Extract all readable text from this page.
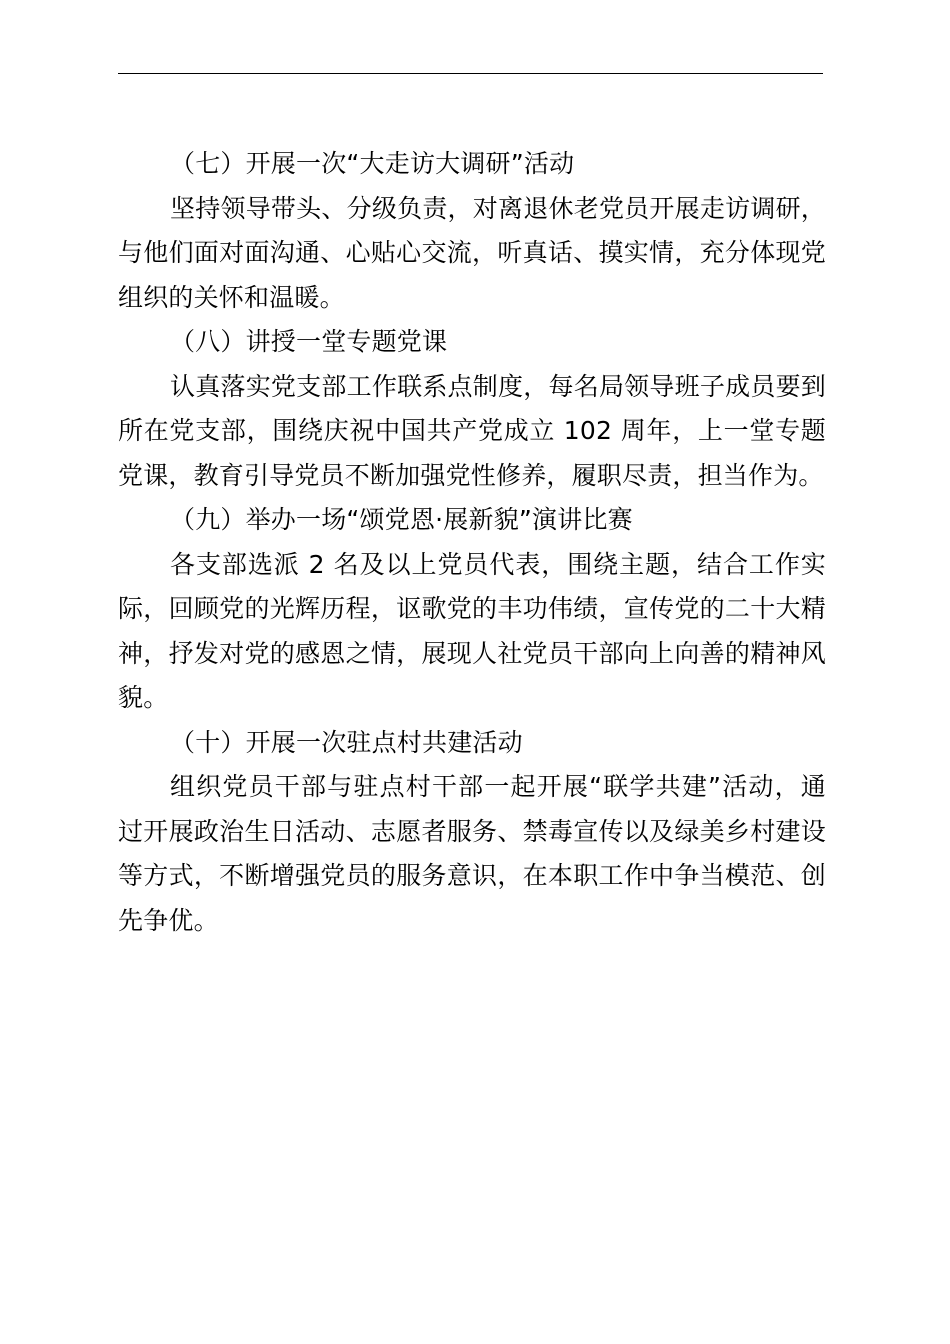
（七）开展一次“大走访大调研”活动

坚持领导带头、分级负责，对离退休老党员开展走访调研，与他们面对面沟通、心贴心交流，听真话、摸实情，充分体现党组织的关怀和温暖。

（八）讲授一堂专题党课

认真落实党支部工作联系点制度，每名局领导班子成员要到所在党支部，围绕庆祝中国共产党成立 102 周年，上一堂专题党课，教育引导党员不断加强党性修养，履职尽责，担当作为。

（九）举办一场“颂党恩·展新貌”演讲比赛

各支部选派 2 名及以上党员代表，围绕主题，结合工作实际，回顾党的光辉历程，讴歌党的丰功伟绩，宣传党的二十大精神，抒发对党的感恩之情，展现人社党员干部向上向善的精神风貌。

（十）开展一次驻点村共建活动

组织党员干部与驻点村干部一起开展“联学共建”活动，通过开展政治生日活动、志愿者服务、禁毒宣传以及绿美乡村建设等方式，不断增强党员的服务意识，在本职工作中争当模范、创先争优。
